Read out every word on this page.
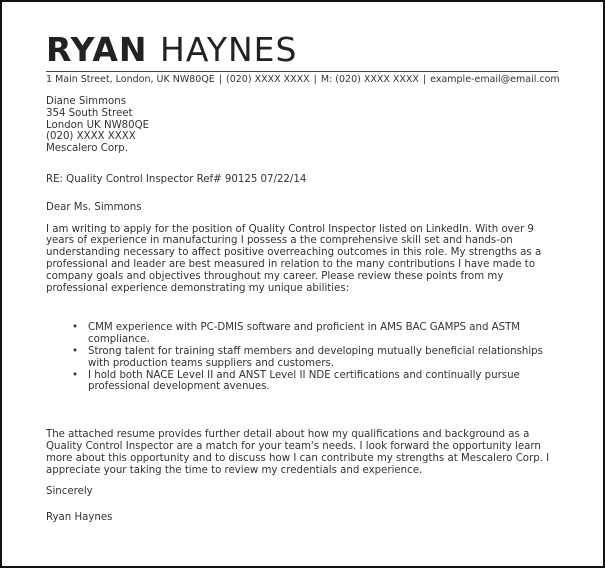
RYAN HAYNES
1 Main Street, London, UK NW80QE | (020) XXXX XXXX | M: (020) XXXX XXXX | example-email@email.com
Diane Simmons
354 South Street
London UK NW80QE
(020) XXXX XXXX
Mescalero Corp.
RE: Quality Control Inspector Ref# 90125 07/22/14
Dear Ms. Simmons
I am writing to apply for the position of Quality Control Inspector listed on LinkedIn. With over 9 years of experience in manufacturing I possess a the comprehensive skill set and hands-on understanding necessary to affect positive overreaching outcomes in this role. My strengths as a professional and leader are best measured in relation to the many contributions I have made to company goals and objectives throughout my career. Please review these points from my professional experience demonstrating my unique abilities:
• CMM experience with PC-DMIS software and proficient in AMS BAC GAMPS and ASTM compliance.
• Strong talent for training staff members and developing mutually beneficial relationships with production teams suppliers and customers.
• I hold both NACE Level II and ANST Level II NDE certifications and continually pursue professional development avenues.
The attached resume provides further detail about how my qualifications and background as a Quality Control Inspector are a match for your team's needs. I look forward the opportunity learn more about this opportunity and to discuss how I can contribute my strengths at Mescalero Corp. I appreciate your taking the time to review my credentials and experience.
Sincerely
Ryan Haynes
